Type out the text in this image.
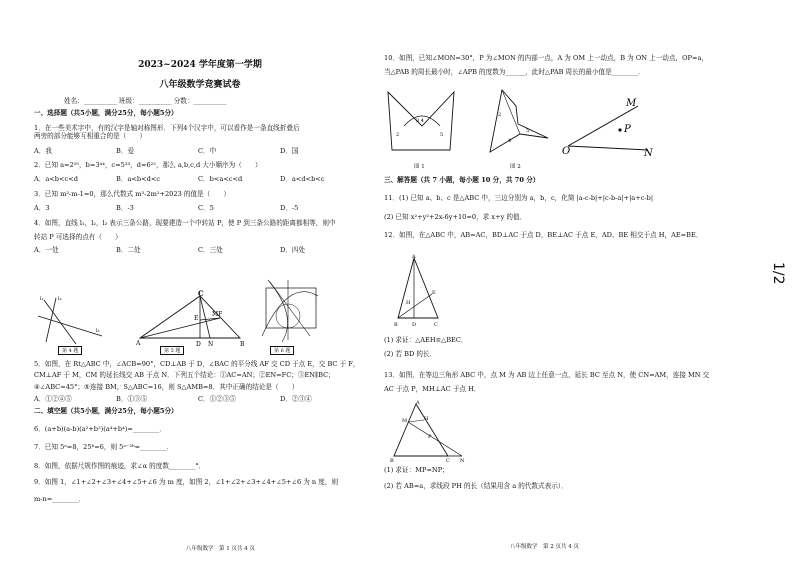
2023~2024 学年度第一学期
八年级数学竞赛试卷
姓名：__________ 班级：__________ 分数：__________
一、选择题（共5小题，满分25分，每小题5分）
1．在一些美术字中，有的汉字是轴对称图形．下列4个汉字中，可以看作是一条直线折叠后
两旁的部分能够互相重合的是（　　）
A．我	B．爱	C．中	D．国
2．已知 a=2⁵⁵，b=3⁴⁴，c=5³³，d=6²²，那么 a,b,c,d 大小顺序为（　　）
A．a<b<c<d	B．a<b<d<c	C．b<a<c<d	D．a<d<b<c
3．已知 m²-m-1=0，那么代数式 m³-2m²+2023 的值是（　　）
A．3	B．-3	C．5	D．-5
4．如图，直线 l₁，l₂，l₃ 表示三条公路，现要建造一个中转站 P，使 P 到三条公路的距离都相等，则中
转站 P 可选择的点有（　　）
A．一处	B．二处	C．三处	D．四处
l₁	l₂
l₃
第 4 题
C
A	B
D N
E
MF
第 5 题	第 6 题
5．如图，在 Rt△ABC 中，∠ACB=90°，CD⊥AB 于 D，∠BAC 的平分线 AF 交 CD 于点 E，交 BC 于 F，
CM⊥AF 于 M，CM 的延长线交 AB 于点 N．下列五个结论：①AC=AN；②EN=FC；③EN∥BC；
④∠ABC=45°；⑤连接 BM，S△ABC=16，则 S△AMB=8．其中正确的结论是（　　）
A．①②④⑤	B．①③⑤	C．①②③⑤	D．②③④
二、填空题（共5小题，满分25分，每小题5分）
6．(a+b)(a-b)(a²+b²)(a⁴+b⁴)=________．
7．已知 5ᵃ=8，25ᵇ=6，则 5ᵃ⁻²ᵇ=________．
8．如图，依据尺规作图的痕迹，求∠α 的度数________°．
9．如图 1，∠1+∠2+∠3+∠4+∠5+∠6 为 m 度，如图 2，∠1+∠2+∠3+∠4+∠5+∠6 为 n 度，则
m-n=________．
八年级数学　第 1 页共 4 页
10．如图，已知∠MON=30°，P 为∠MON 的内部一点，A 为 OM 上一动点，B 为 ON 上一动点，OP=a，
当△PAB 的周长最小时，∠APB 的度数为______，此时△PAB 周长的最小值是________．
2	5
3 4
图 1
2
4
5
图 2
M
P
O	N
三、解答题（共 7 小题，每小题 10 分，共 70 分）
11．(1) 已知 a、b、c 是△ABC 中，三边分别为 a，b，c，化简 |a-c-b|+|c-b-a|+|a+c-b|
(2) 已知 x²+y²+2x-6y+10=0，求 x+y 的值．
12．如图，在△ABC 中，AB=AC，BD⊥AC 于点 D，BE⊥AC 于点 E，AD、BE 相交于点 H，AE=BE．
A
H
E
B	D	C
(1) 求证：△AEH≌△BEC．
(2) 若 BD 的长．
13．如图，在等边三角形 ABC 中，点 M 为 AB 边上任意一点，延长 BC 至点 N，使 CN=AM，连接 MN 交
AC 于点 P，MH⊥AC 于点 H．
A
M	H
P
B	C N
(1) 求证：MP=NP；
(2) 若 AB=a，求线段 PH 的长（结果用含 a 的代数式表示）．
八年级数学　第 2 页共 4 页
1/2
